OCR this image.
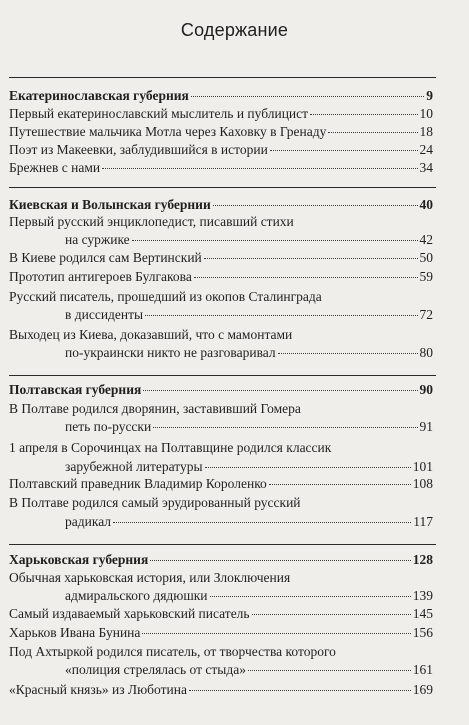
Содержание
Екатеринославская губерния	9
Первый екатеринославский мыслитель и публицист	10
Путешествие мальчика Мотла через Каховку в Гренаду	18
Поэт из Макеевки, заблудившийся в истории	24
Брежнев с нами	34
Киевская и Волынская губернии	40
Первый русский энциклопедист, писавший стихи
на суржике	42
В Киеве родился сам Вертинский	50
Прототип антигероев Булгакова	59
Русский писатель, прошедший из окопов Сталинграда
в диссиденты	72
Выходец из Киева, доказавший, что с мамонтами
по-украински никто не разговаривал	80
Полтавская губерния	90
В Полтаве родился дворянин, заставивший Гомера
петь по-русски	91
1 апреля в Сорочинцах на Полтавщине родился классик
зарубежной литературы	101
Полтавский праведник Владимир Короленко	108
В Полтаве родился самый эрудированный русский
радикал	117
Харьковская губерния	128
Обычная харьковская история, или Злоключения
адмиральского дядюшки	139
Самый издаваемый харьковский писатель	145
Харьков Ивана Бунина	156
Под Ахтыркой родился писатель, от творчества которого
«полиция стрелялась от стыда»	161
«Красный князь» из Люботина	169
